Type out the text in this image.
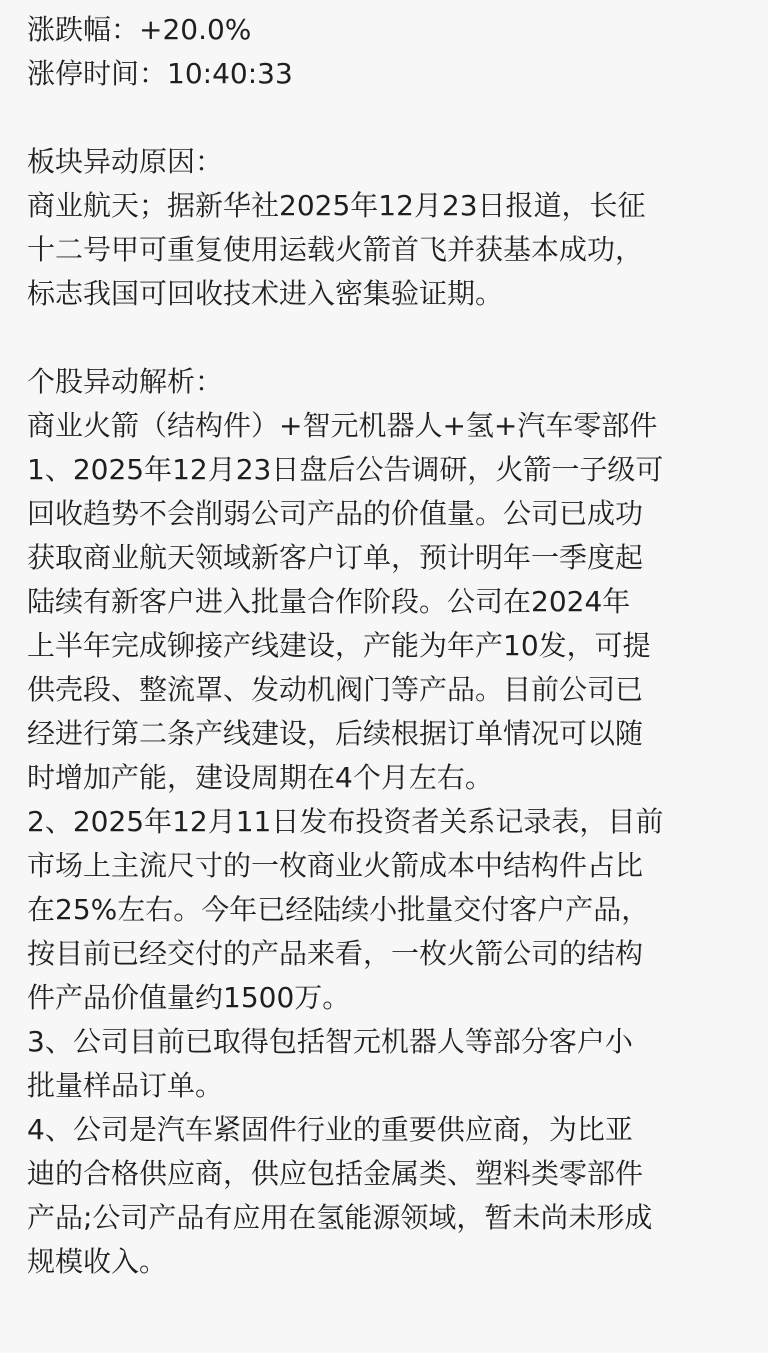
涨跌幅：+20.0%
涨停时间：10:40:33
板块异动原因：
商业航天；据新华社2025年12月23日报道，长征
十二号甲可重复使用运载火箭首飞并获基本成功，
标志我国可回收技术进入密集验证期。
个股异动解析：
商业火箭（结构件）+智元机器人+氢+汽车零部件
1、2025年12月23日盘后公告调研，火箭一子级可
回收趋势不会削弱公司产品的价值量。公司已成功
获取商业航天领域新客户订单，预计明年一季度起
陆续有新客户进入批量合作阶段。公司在2024年
上半年完成铆接产线建设，产能为年产10发，可提
供壳段、整流罩、发动机阀门等产品。目前公司已
经进行第二条产线建设，后续根据订单情况可以随
时增加产能，建设周期在4个月左右。
2、2025年12月11日发布投资者关系记录表，目前
市场上主流尺寸的一枚商业火箭成本中结构件占比
在25%左右。今年已经陆续小批量交付客户产品，
按目前已经交付的产品来看，一枚火箭公司的结构
件产品价值量约1500万。
3、公司目前已取得包括智元机器人等部分客户小
批量样品订单。
4、公司是汽车紧固件行业的重要供应商，为比亚
迪的合格供应商，供应包括金属类、塑料类零部件
产品;公司产品有应用在氢能源领域，暂未尚未形成
规模收入。
